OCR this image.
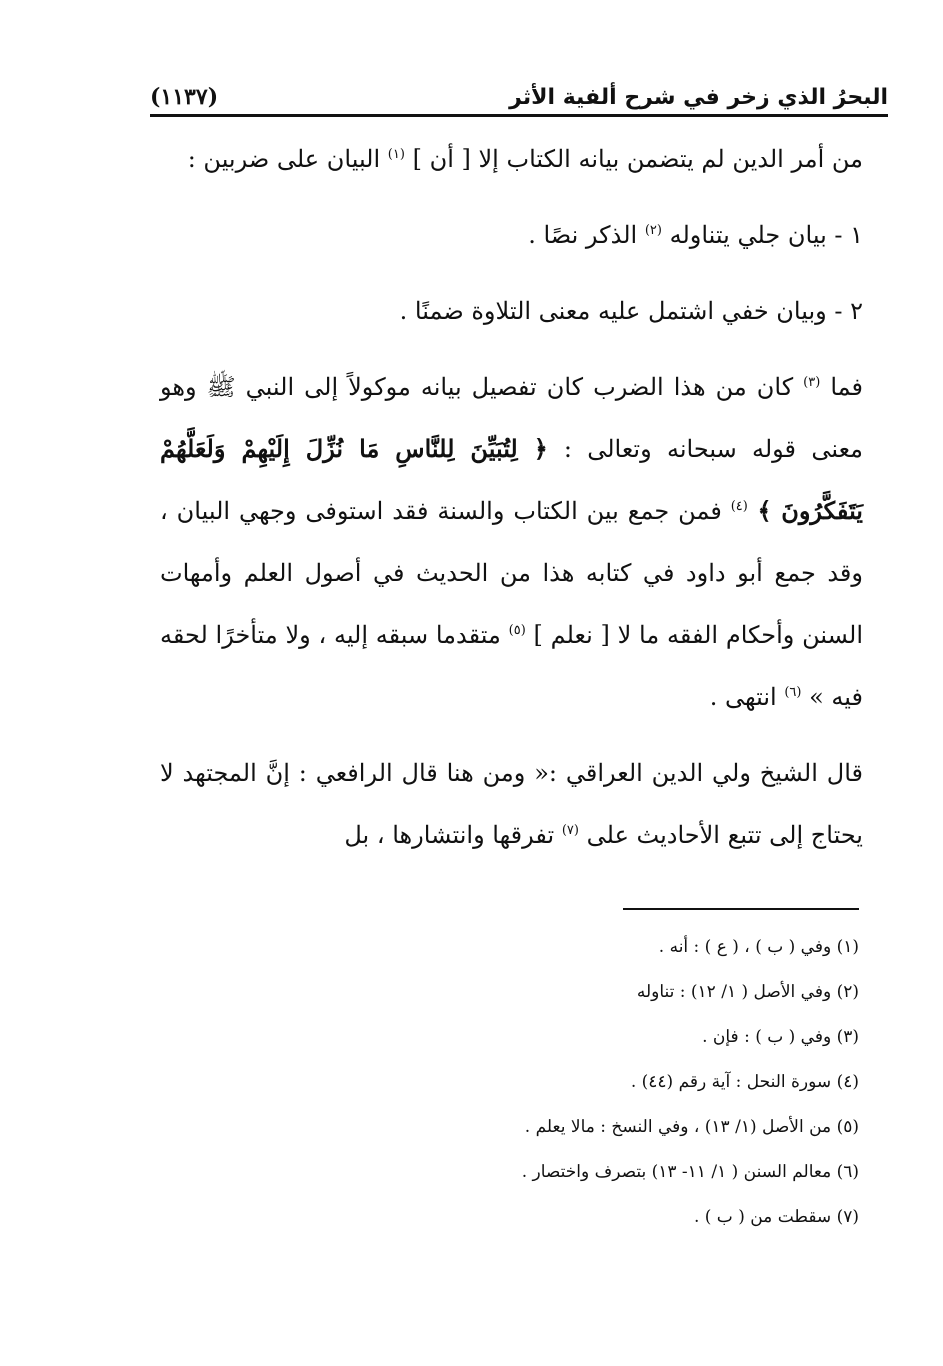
البحرُ الذي زخر في شرح ألفية الأثر
(١١٣٧)

من أمر الدين لم يتضمن بيانه الكتاب إلا [ أن ] $^{(١)}$ البيان على ضربين :

١ - بيان جلي يتناوله $^{(٢)}$ الذكر نصًا .

٢ - وبيان خفي اشتمل عليه معنى التلاوة ضمنًا .

فما $^{(٣)}$ كان من هذا الضرب كان تفصيل بيانه موكولاً إلى النبي ﷺ وهو معنى قوله سبحانه وتعالى : ﴿ لِتُبَيِّنَ لِلنَّاسِ مَا نُزِّلَ إِلَيْهِمْ وَلَعَلَّهُمْ يَتَفَكَّرُونَ ﴾ $^{(٤)}$ فمن جمع بين الكتاب والسنة فقد استوفى وجهي البيان ، وقد جمع أبو داود في كتابه هذا من الحديث في أصول العلم وأمهات السنن وأحكام الفقه ما لا [ نعلم ] $^{(٥)}$ متقدما سبقه إليه ، ولا متأخرًا لحقه فيه » $^{(٦)}$ انتهى .

قال الشيخ ولي الدين العراقي :« ومن هنا قال الرافعي : إنَّ المجتهد لا يحتاج إلى تتبع الأحاديث على $^{(٧)}$ تفرقها وانتشارها ، بل

(١) وفي ( ب ) ، ( ع ) : أنه .
(٢) وفي الأصل ( ١/ ١٢) : تناوله
(٣) وفي ( ب ) : فإن .
(٤) سورة النحل : آية رقم (٤٤) .
(٥) من الأصل (١/ ١٣) ، وفي النسخ : مالا يعلم .
(٦) معالم السنن ( ١/ ١١- ١٣) بتصرف واختصار .
(٧) سقطت من ( ب ) .
